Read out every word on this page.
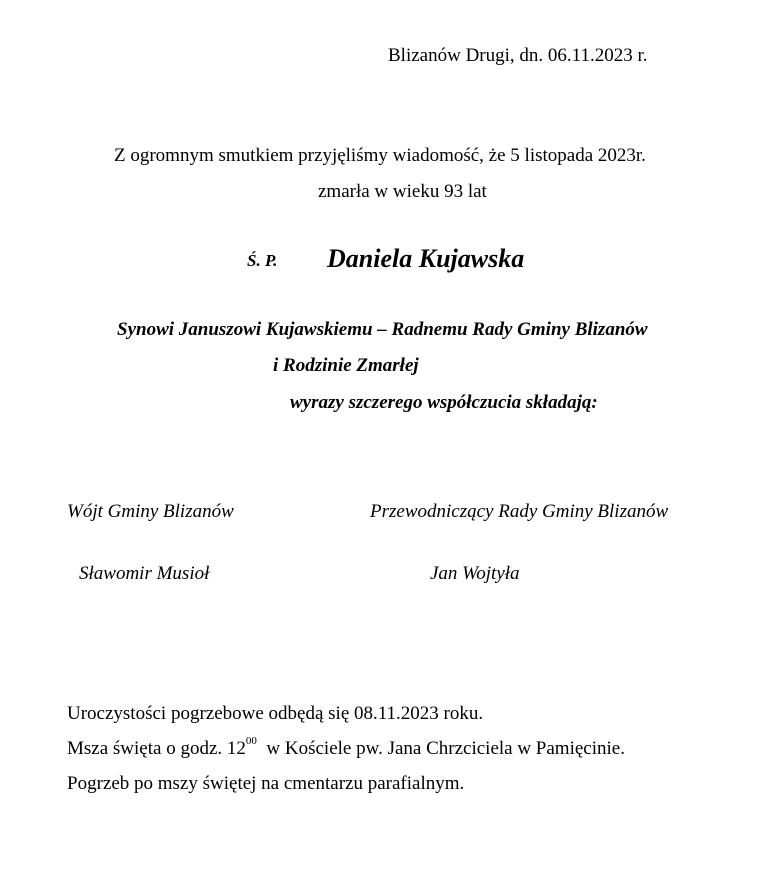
Blizanów Drugi, dn. 06.11.2023 r.
Z ogromnym smutkiem przyjęliśmy wiadomość, że 5 listopada 2023r.
zmarła w wieku 93 lat
Ś. P. Daniela Kujawska
Synowi Januszowi Kujawskiemu – Radnemu Rady Gminy Blizanów
i Rodzinie Zmarłej
wyrazy szczerego współczucia składają:
Wójt Gminy Blizanów	Przewodniczący Rady Gminy Blizanów
Sławomir Musioł	Jan Wojtyła
Uroczystości pogrzebowe odbędą się 08.11.2023 roku.
Msza święta o godz. $12^{00}$  w Kościele pw. Jana Chrzciciela w Pamięcinie.
Pogrzeb po mszy świętej na cmentarzu parafialnym.
